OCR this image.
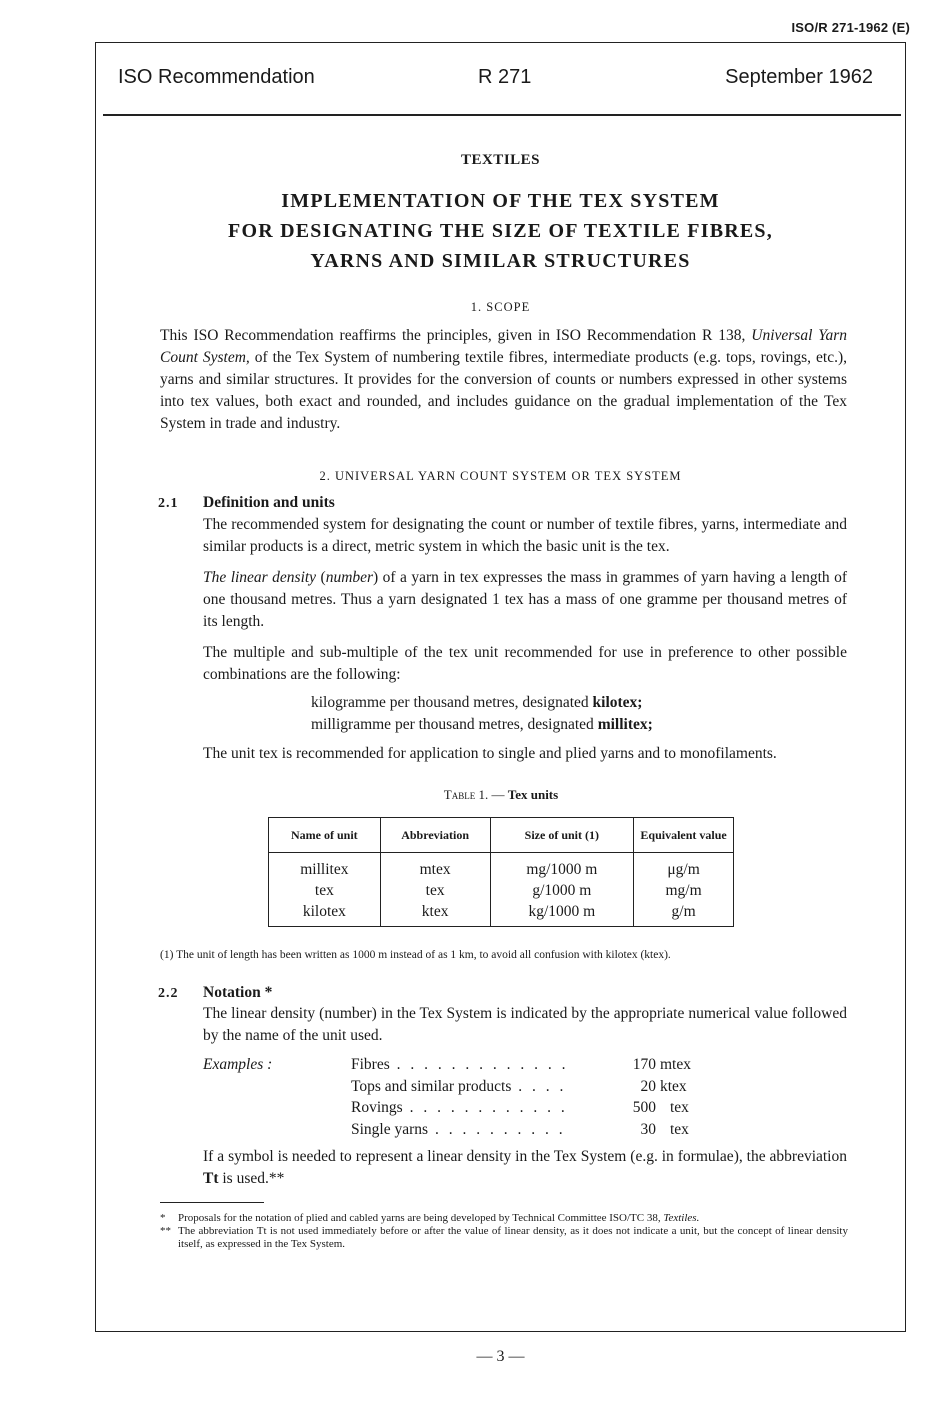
ISO/R 271-1962 (E)
ISO Recommendation	R 271	September 1962
TEXTILES
IMPLEMENTATION OF THE TEX SYSTEM
FOR DESIGNATING THE SIZE OF TEXTILE FIBRES,
YARNS AND SIMILAR STRUCTURES
1. SCOPE
This ISO Recommendation reaffirms the principles, given in ISO Recommendation R 138, Universal Yarn Count System, of the Tex System of numbering textile fibres, intermediate products (e.g. tops, rovings, etc.), yarns and similar structures. It provides for the conversion of counts or numbers expressed in other systems into tex values, both exact and rounded, and includes guidance on the gradual implementation of the Tex System in trade and industry.
2. UNIVERSAL YARN COUNT SYSTEM OR TEX SYSTEM
2.1 Definition and units
The recommended system for designating the count or number of textile fibres, yarns, intermediate and similar products is a direct, metric system in which the basic unit is the tex.
The linear density (number) of a yarn in tex expresses the mass in grammes of yarn having a length of one thousand metres. Thus a yarn designated 1 tex has a mass of one gramme per thousand metres of its length.
The multiple and sub-multiple of the tex unit recommended for use in preference to other possible combinations are the following:
kilogramme per thousand metres, designated kilotex;
milligramme per thousand metres, designated millitex;
The unit tex is recommended for application to single and plied yarns and to monofilaments.
Table 1. — Tex units
Name of unit	Abbreviation	Size of unit (1)	Equivalent value
millitex	mtex	mg/1000 m	μg/m
tex	tex	g/1000 m	mg/m
kilotex	ktex	kg/1000 m	g/m
(1) The unit of length has been written as 1000 m instead of as 1 km, to avoid all confusion with kilotex (ktex).
2.2 Notation *
The linear density (number) in the Tex System is indicated by the appropriate numerical value followed by the name of the unit used.
Examples :	Fibres . . . . . . . . . . . . .	170 mtex
Tops and similar products . . . .	20 ktex
Rovings . . . . . . . . . . . .	500 tex
Single yarns . . . . . . . . . .	30 tex
If a symbol is needed to represent a linear density in the Tex System (e.g. in formulae), the abbreviation Tt is used.**
* Proposals for the notation of plied and cabled yarns are being developed by Technical Committee ISO/TC 38, Textiles.
** The abbreviation Tt is not used immediately before or after the value of linear density, as it does not indicate a unit, but the concept of linear density itself, as expressed in the Tex System.
— 3 —
